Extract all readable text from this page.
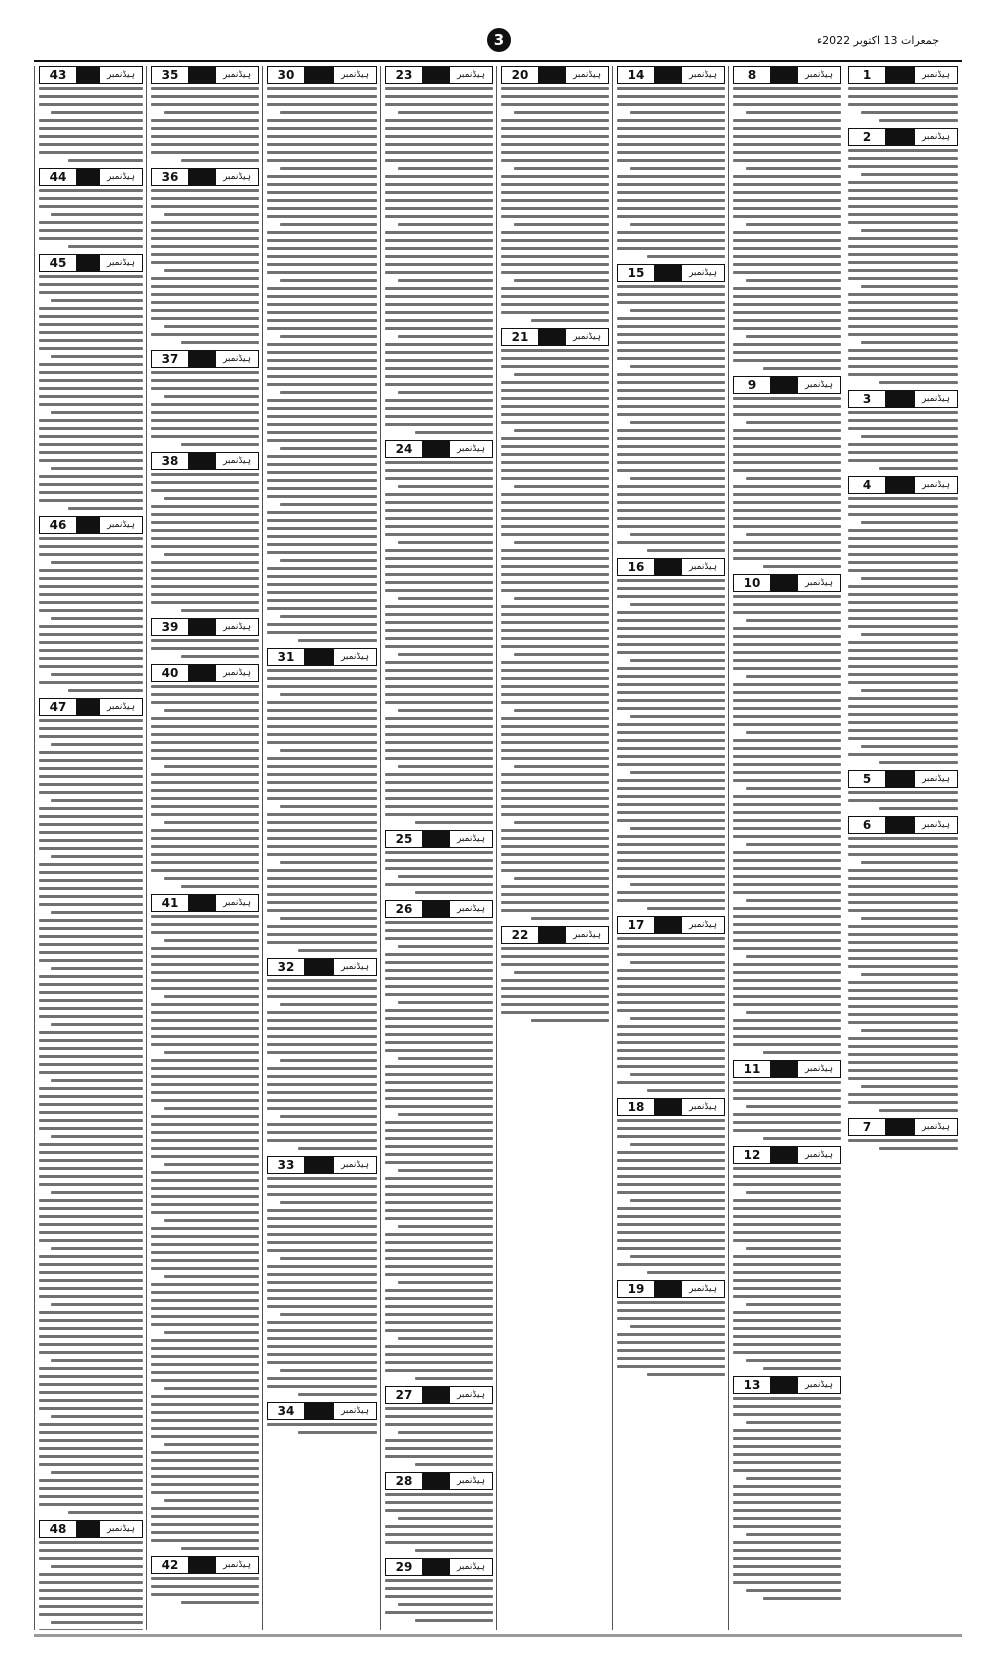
جمعرات 13 اکتوبر 2022ء
3
1	ہیڈنمبر
2	ہیڈنمبر
3	ہیڈنمبر
4	ہیڈنمبر
5	ہیڈنمبر
6	ہیڈنمبر
7	ہیڈنمبر
8	ہیڈنمبر
9	ہیڈنمبر
10	ہیڈنمبر
11	ہیڈنمبر
12	ہیڈنمبر
13	ہیڈنمبر
14	ہیڈنمبر
15	ہیڈنمبر
16	ہیڈنمبر
17	ہیڈنمبر
18	ہیڈنمبر
19	ہیڈنمبر
20	ہیڈنمبر
21	ہیڈنمبر
22	ہیڈنمبر
23	ہیڈنمبر
24	ہیڈنمبر
25	ہیڈنمبر
26	ہیڈنمبر
27	ہیڈنمبر
28	ہیڈنمبر
29	ہیڈنمبر
30	ہیڈنمبر
31	ہیڈنمبر
32	ہیڈنمبر
33	ہیڈنمبر
34	ہیڈنمبر
35	ہیڈنمبر
36	ہیڈنمبر
37	ہیڈنمبر
38	ہیڈنمبر
39	ہیڈنمبر
40	ہیڈنمبر
41	ہیڈنمبر
42	ہیڈنمبر
43	ہیڈنمبر
44	ہیڈنمبر
45	ہیڈنمبر
46	ہیڈنمبر
47	ہیڈنمبر
48	ہیڈنمبر
